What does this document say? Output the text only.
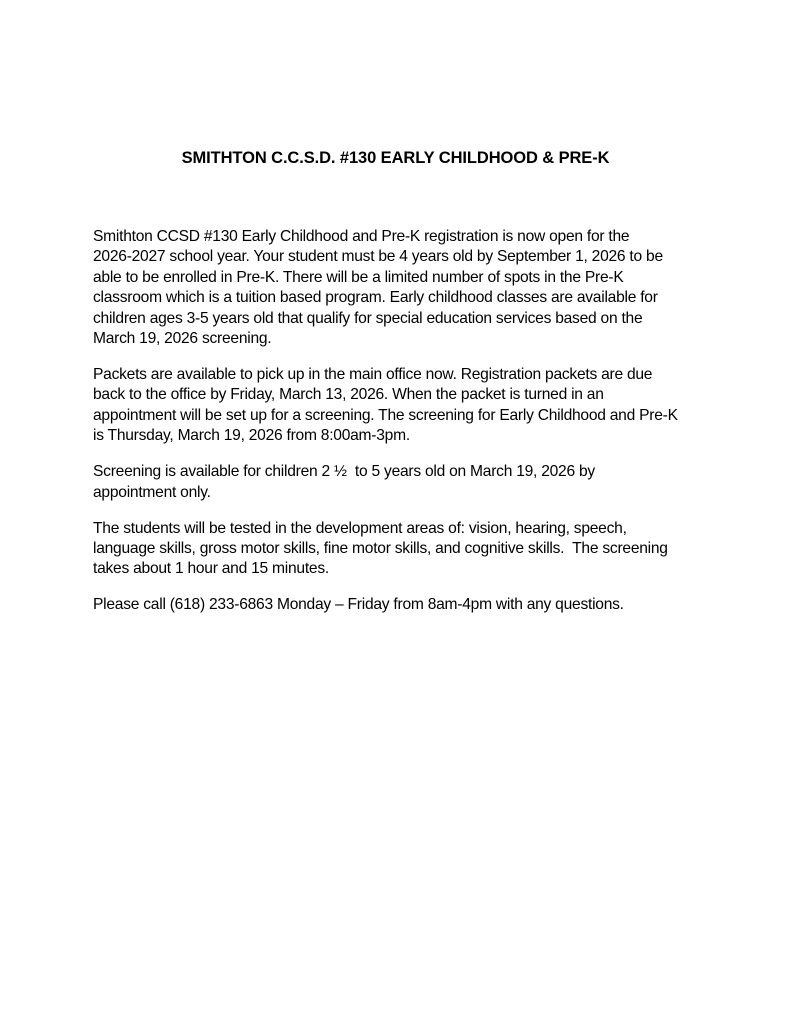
SMITHTON C.C.S.D. #130 EARLY CHILDHOOD & PRE-K
Smithton CCSD #130 Early Childhood and Pre-K registration is now open for the
2026-2027 school year. Your student must be 4 years old by September 1, 2026 to be
able to be enrolled in Pre-K. There will be a limited number of spots in the Pre-K
classroom which is a tuition based program. Early childhood classes are available for
children ages 3-5 years old that qualify for special education services based on the
March 19, 2026 screening.
Packets are available to pick up in the main office now. Registration packets are due
back to the office by Friday, March 13, 2026. When the packet is turned in an
appointment will be set up for a screening. The screening for Early Childhood and Pre-K
is Thursday, March 19, 2026 from 8:00am-3pm.
Screening is available for children 2 ½  to 5 years old on March 19, 2026 by
appointment only.
The students will be tested in the development areas of: vision, hearing, speech,
language skills, gross motor skills, fine motor skills, and cognitive skills.  The screening
takes about 1 hour and 15 minutes.
Please call (618) 233-6863 Monday – Friday from 8am-4pm with any questions.
